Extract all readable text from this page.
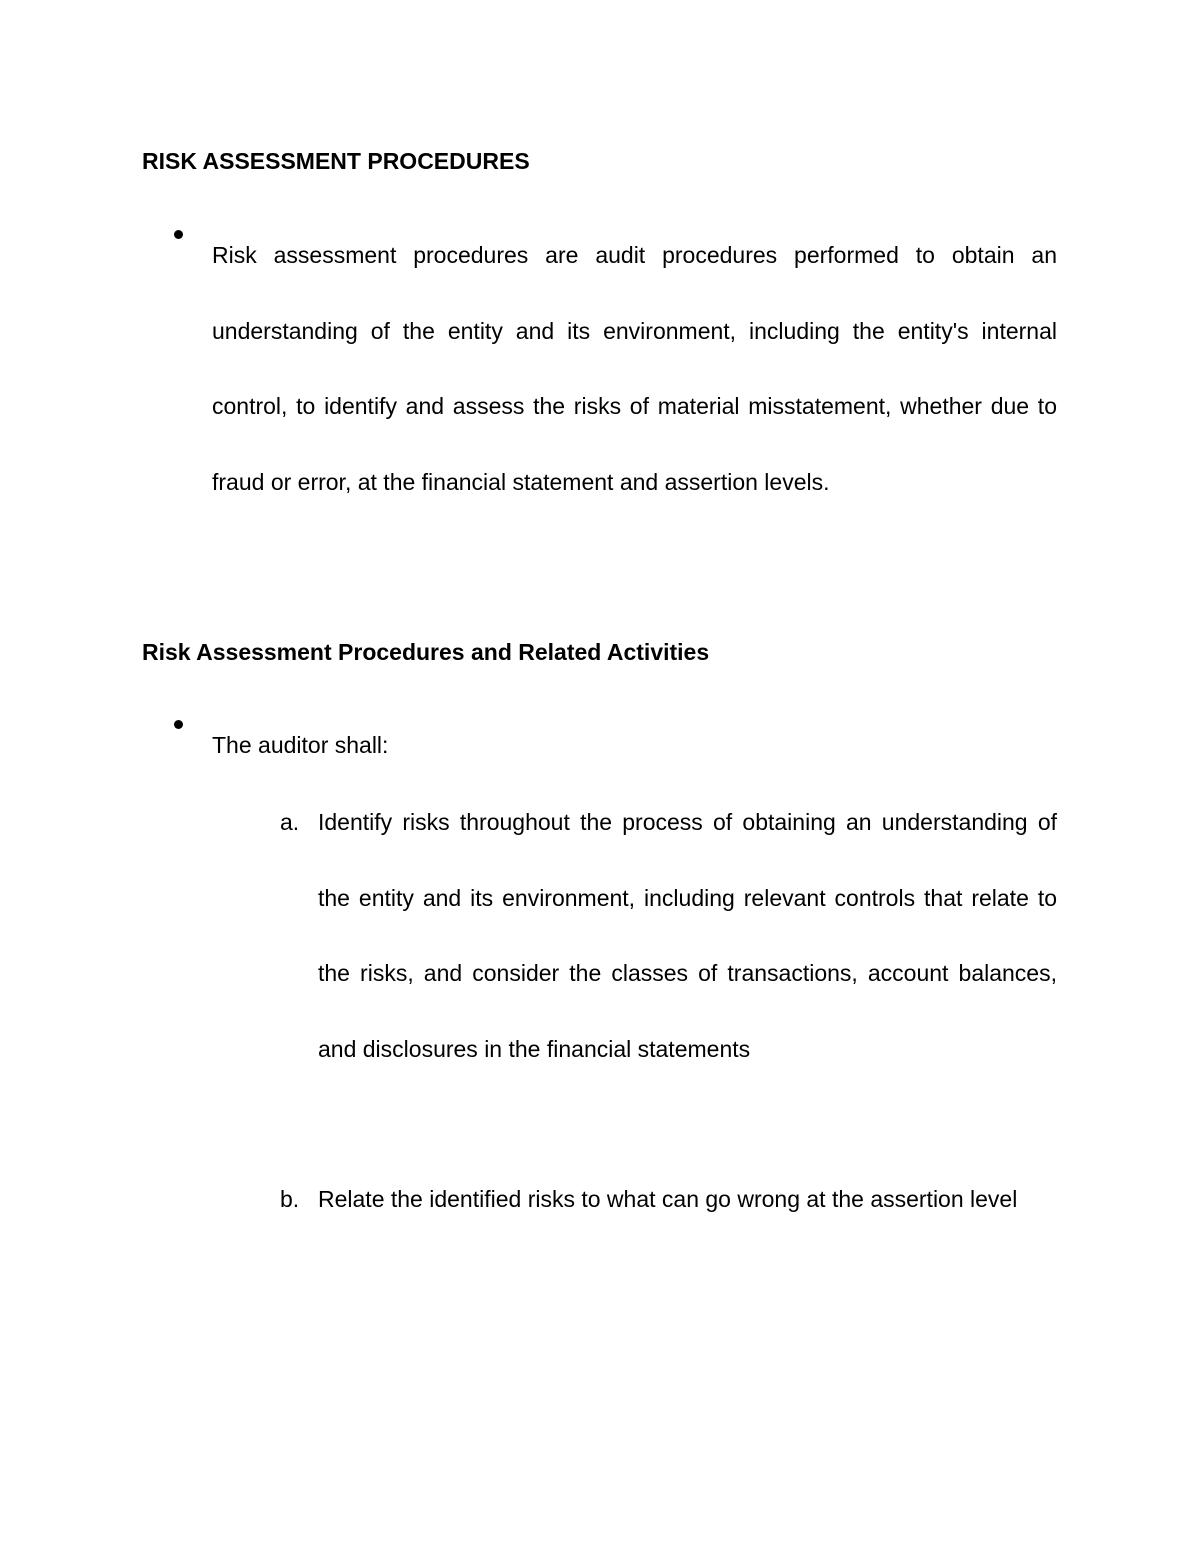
RISK ASSESSMENT PROCEDURES

Risk assessment procedures are audit procedures performed to obtain an understanding of the entity and its environment, including the entity's internal control, to identify and assess the risks of material misstatement, whether due to fraud or error, at the financial statement and assertion levels.

Risk Assessment Procedures and Related Activities

The auditor shall:

a. Identify risks throughout the process of obtaining an understanding of the entity and its environment, including relevant controls that relate to the risks, and consider the classes of transactions, account balances, and disclosures in the financial statements

b. Relate the identified risks to what can go wrong at the assertion level
